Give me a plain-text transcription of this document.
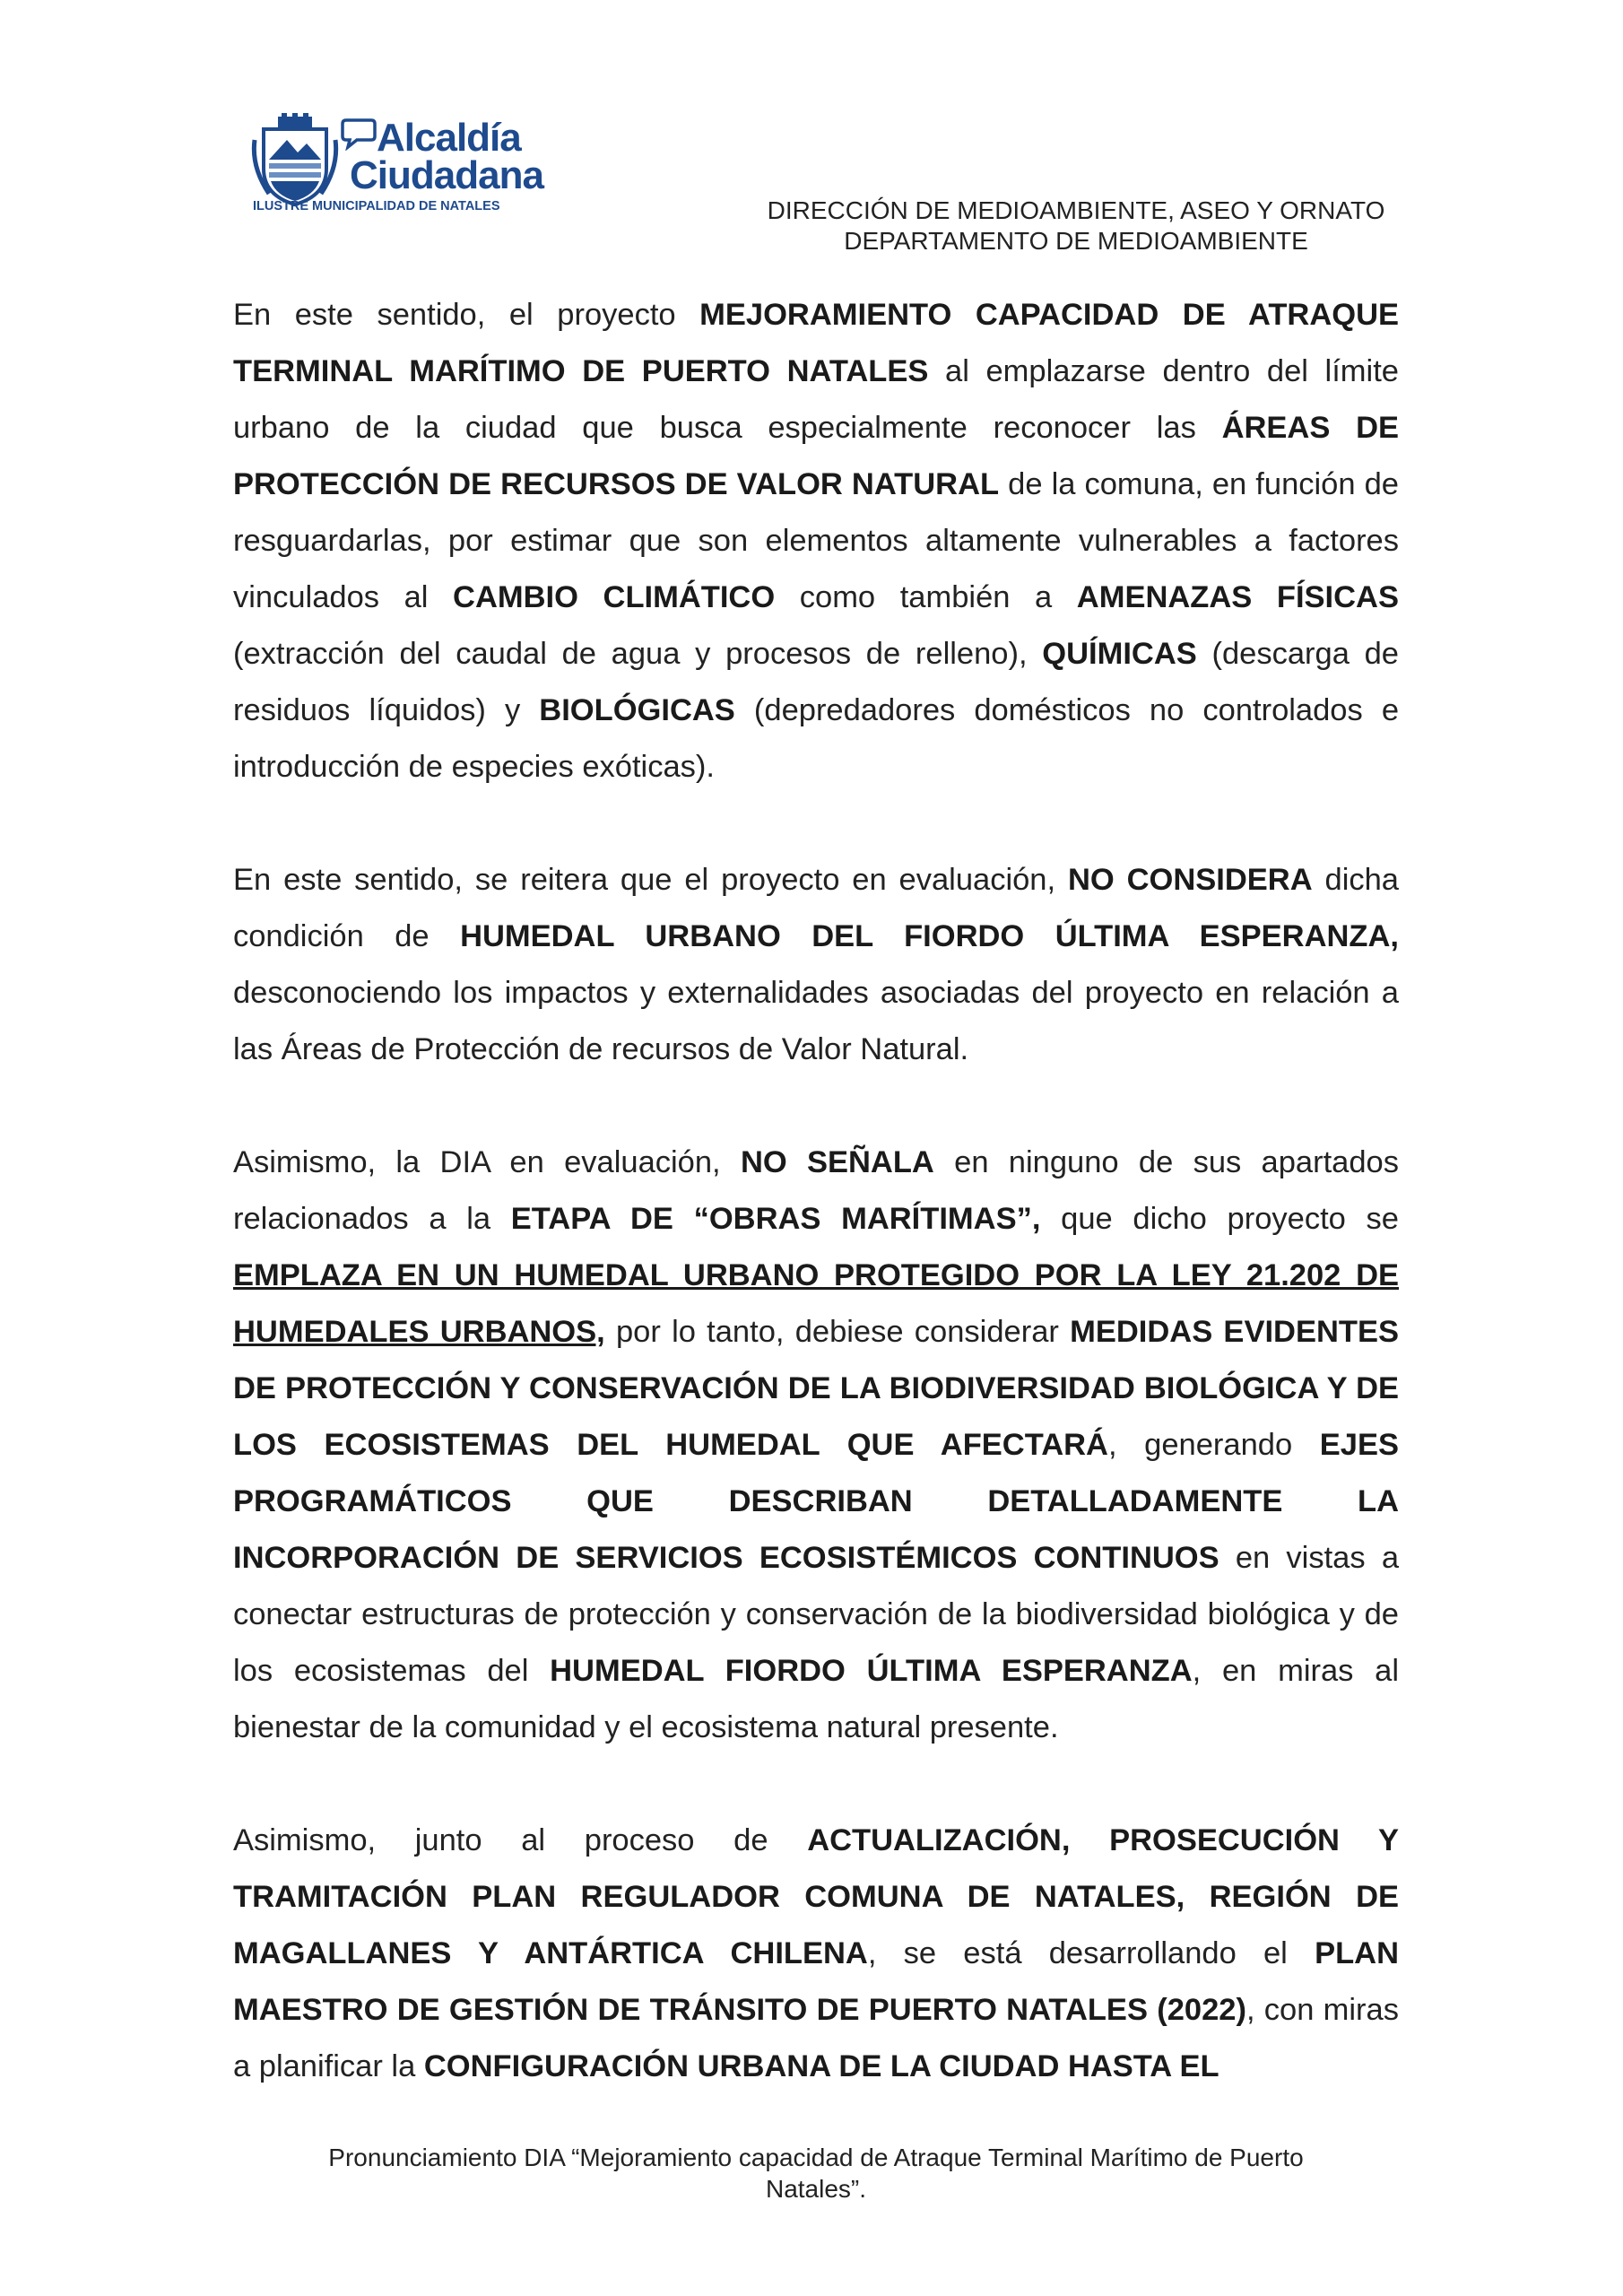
Alcaldía
Ciudadana
ILUSTRE MUNICIPALIDAD DE NATALES	DIRECCIÓN DE MEDIOAMBIENTE, ASEO Y ORNATO
DEPARTAMENTO DE MEDIOAMBIENTE

En este sentido, el proyecto MEJORAMIENTO CAPACIDAD DE ATRAQUE TERMINAL MARÍTIMO DE PUERTO NATALES al emplazarse dentro del límite urbano de la ciudad que busca especialmente reconocer las ÁREAS DE PROTECCIÓN DE RECURSOS DE VALOR NATURAL de la comuna, en función de resguardarlas, por estimar que son elementos altamente vulnerables a factores vinculados al CAMBIO CLIMÁTICO como también a AMENAZAS FÍSICAS (extracción del caudal de agua y procesos de relleno), QUÍMICAS (descarga de residuos líquidos) y BIOLÓGICAS (depredadores domésticos no controlados e introducción de especies exóticas).

En este sentido, se reitera que el proyecto en evaluación, NO CONSIDERA dicha condición de HUMEDAL URBANO DEL FIORDO ÚLTIMA ESPERANZA, desconociendo los impactos y externalidades asociadas del proyecto en relación a las Áreas de Protección de recursos de Valor Natural.

Asimismo, la DIA en evaluación, NO SEÑALA en ninguno de sus apartados relacionados a la ETAPA DE “OBRAS MARÍTIMAS”, que dicho proyecto se EMPLAZA EN UN HUMEDAL URBANO PROTEGIDO POR LA LEY 21.202 DE HUMEDALES URBANOS, por lo tanto, debiese considerar MEDIDAS EVIDENTES DE PROTECCIÓN Y CONSERVACIÓN DE LA BIODIVERSIDAD BIOLÓGICA Y DE LOS ECOSISTEMAS DEL HUMEDAL QUE AFECTARÁ, generando EJES PROGRAMÁTICOS QUE DESCRIBAN DETALLADAMENTE LA INCORPORACIÓN DE SERVICIOS ECOSISTÉMICOS CONTINUOS en vistas a conectar estructuras de protección y conservación de la biodiversidad biológica y de los ecosistemas del HUMEDAL FIORDO ÚLTIMA ESPERANZA, en miras al bienestar de la comunidad y el ecosistema natural presente.

Asimismo, junto al proceso de ACTUALIZACIÓN, PROSECUCIÓN Y TRAMITACIÓN PLAN REGULADOR COMUNA DE NATALES, REGIÓN DE MAGALLANES Y ANTÁRTICA CHILENA, se está desarrollando el PLAN MAESTRO DE GESTIÓN DE TRÁNSITO DE PUERTO NATALES (2022), con miras a planificar la CONFIGURACIÓN URBANA DE LA CIUDAD HASTA EL

Pronunciamiento DIA “Mejoramiento capacidad de Atraque Terminal Marítimo de Puerto
Natales”.
